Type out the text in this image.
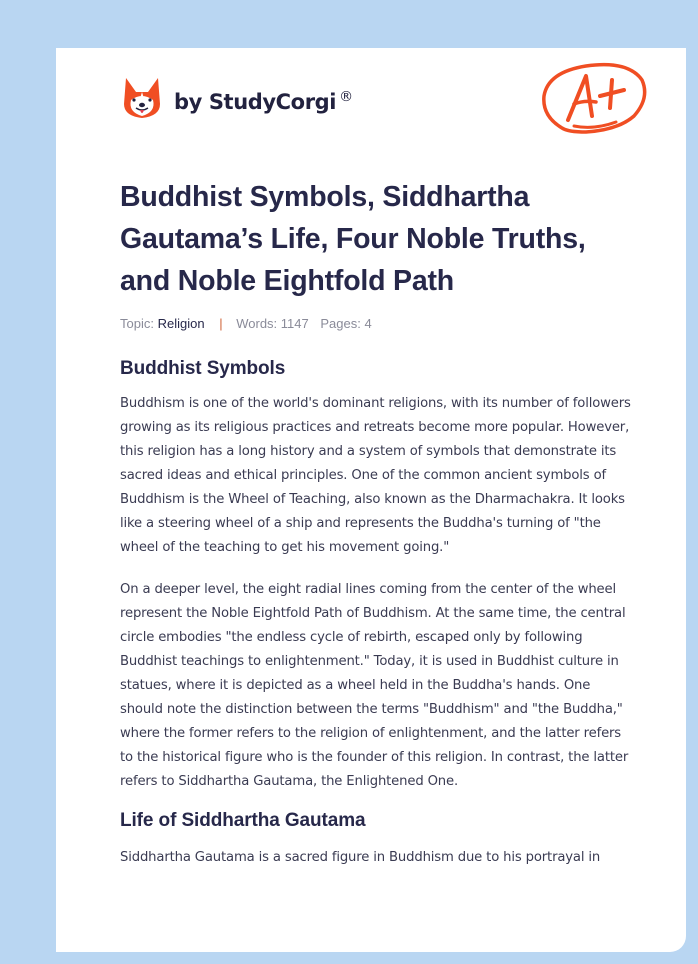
by StudyCorgi ®
Buddhist Symbols, Siddhartha Gautama’s Life, Four Noble Truths, and Noble Eightfold Path
Topic: Religion | Words: 1147 Pages: 4
Buddhist Symbols

Buddhism is one of the world's dominant religions, with its number of followers growing as its religious practices and retreats become more popular. However, this religion has a long history and a system of symbols that demonstrate its sacred ideas and ethical principles. One of the common ancient symbols of Buddhism is the Wheel of Teaching, also known as the Dharmachakra. It looks like a steering wheel of a ship and represents the Buddha's turning of "the wheel of the teaching to get his movement going."

On a deeper level, the eight radial lines coming from the center of the wheel represent the Noble Eightfold Path of Buddhism. At the same time, the central circle embodies "the endless cycle of rebirth, escaped only by following Buddhist teachings to enlightenment." Today, it is used in Buddhist culture in statues, where it is depicted as a wheel held in the Buddha's hands. One should note the distinction between the terms "Buddhism" and "the Buddha," where the former refers to the religion of enlightenment, and the latter refers to the historical figure who is the founder of this religion. In contrast, the latter refers to Siddhartha Gautama, the Enlightened One.

Life of Siddhartha Gautama

Siddhartha Gautama is a sacred figure in Buddhism due to his portrayal in
